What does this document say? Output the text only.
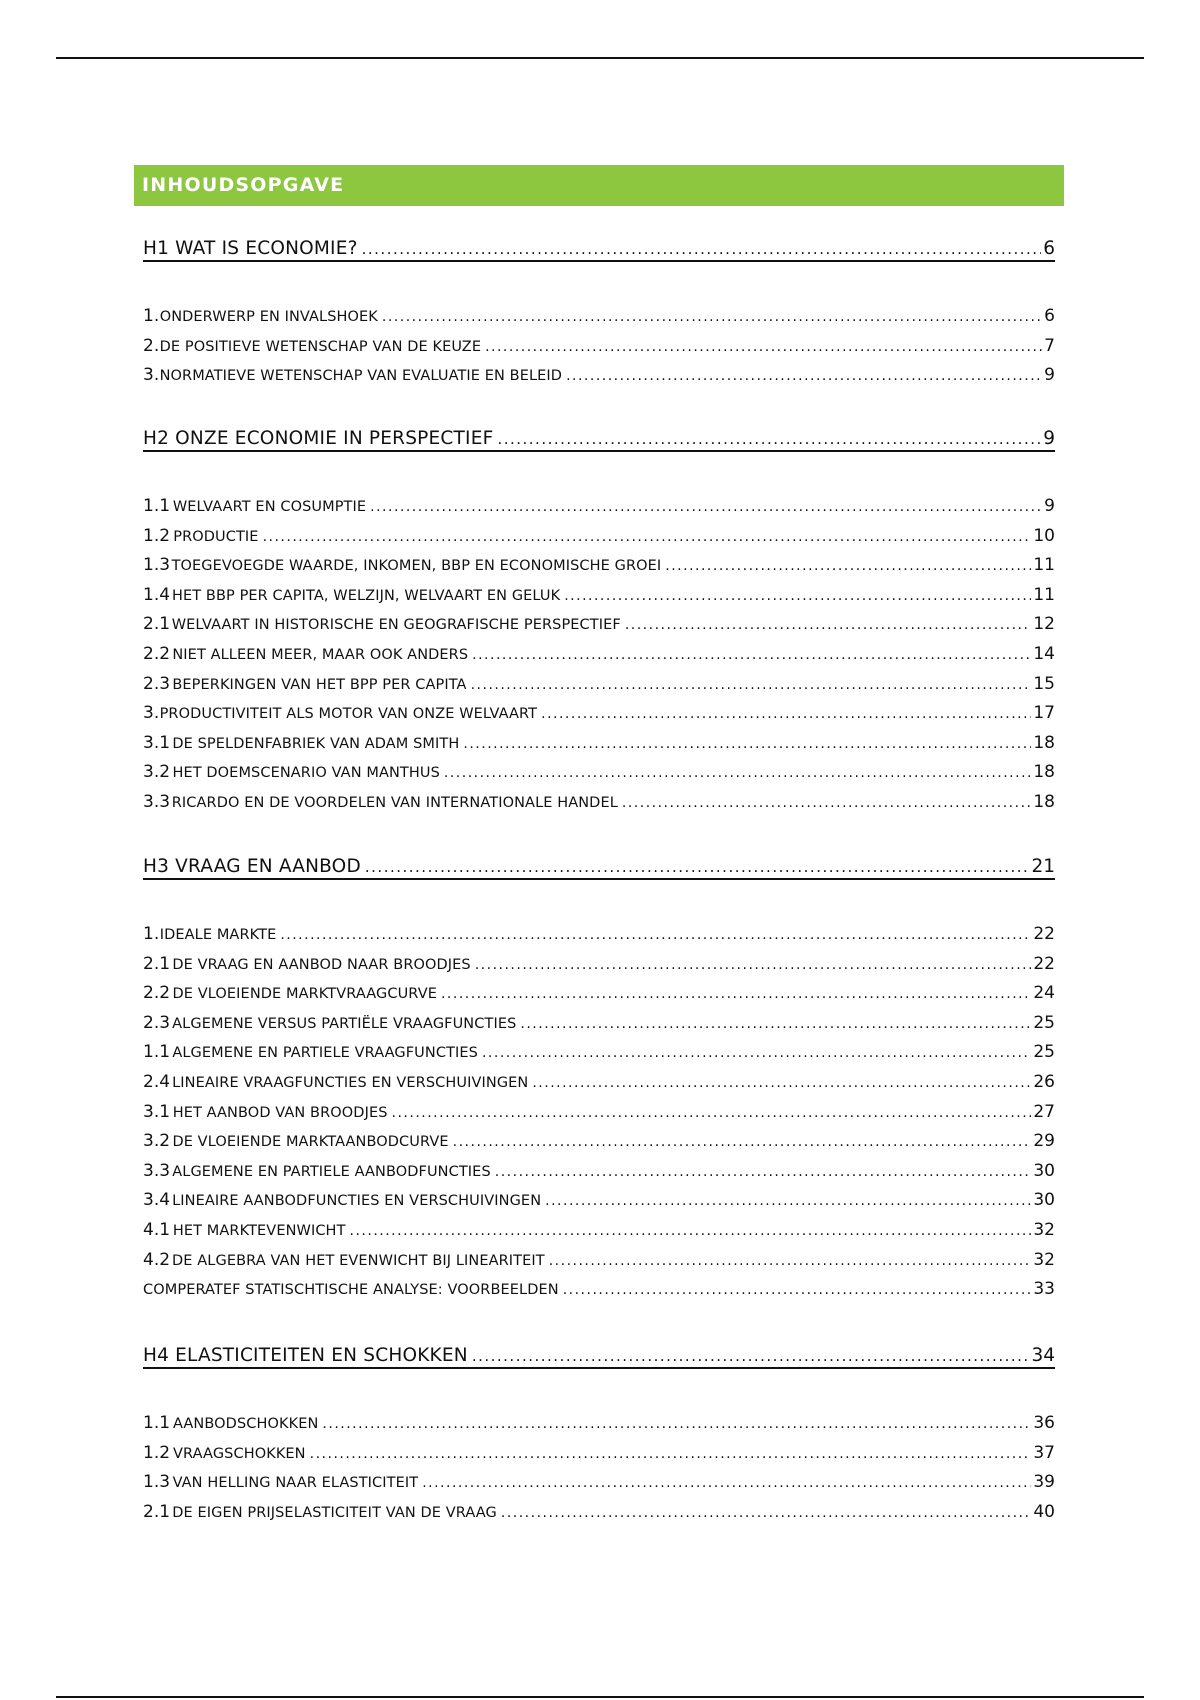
INHOUDSOPGAVE
H1 WAT IS ECONOMIE? .....	6
1. ONDERWERP EN INVALSHOEK .....	6
2. DE POSITIEVE WETENSCHAP VAN DE KEUZE .....	7
3. NORMATIEVE WETENSCHAP VAN EVALUATIE EN BELEID .....	9
H2 ONZE ECONOMIE IN PERSPECTIEF .....	9
1.1 WELVAART EN COSUMPTIE .....	9
1.2 PRODUCTIE .....	10
1.3 TOEGEVOEGDE WAARDE, INKOMEN, BBP EN ECONOMISCHE GROEI .....	11
1.4 HET BBP PER CAPITA, WELZIJN, WELVAART EN GELUK .....	11
2.1 WELVAART IN HISTORISCHE EN GEOGRAFISCHE PERSPECTIEF .....	12
2.2 NIET ALLEEN MEER, MAAR OOK ANDERS .....	14
2.3 BEPERKINGEN VAN HET BPP PER CAPITA .....	15
3. PRODUCTIVITEIT ALS MOTOR VAN ONZE WELVAART .....	17
3.1 DE SPELDENFABRIEK VAN ADAM SMITH .....	18
3.2 HET DOEMSCENARIO VAN MANTHUS .....	18
3.3 RICARDO EN DE VOORDELEN VAN INTERNATIONALE HANDEL .....	18
H3 VRAAG EN AANBOD .....	21
1. IDEALE MARKTE .....	22
2.1 DE VRAAG EN AANBOD NAAR BROODJES .....	22
2.2 DE VLOEIENDE MARKTVRAAGCURVE .....	24
2.3 ALGEMENE VERSUS PARTIËLE VRAAGFUNCTIES .....	25
1.1 ALGEMENE EN PARTIELE VRAAGFUNCTIES .....	25
2.4 LINEAIRE VRAAGFUNCTIES EN VERSCHUIVINGEN .....	26
3.1 HET AANBOD VAN BROODJES .....	27
3.2 DE VLOEIENDE MARKTAANBODCURVE .....	29
3.3 ALGEMENE EN PARTIELE AANBODFUNCTIES .....	30
3.4 LINEAIRE AANBODFUNCTIES EN VERSCHUIVINGEN .....	30
4.1 HET MARKTEVENWICHT .....	32
4.2 DE ALGEBRA VAN HET EVENWICHT BIJ LINEARITEIT .....	32
COMPERATEF STATISCHTISCHE ANALYSE: VOORBEELDEN .....	33
H4 ELASTICITEITEN EN SCHOKKEN .....	34
1.1 AANBODSCHOKKEN .....	36
1.2 VRAAGSCHOKKEN .....	37
1.3 VAN HELLING NAAR ELASTICITEIT .....	39
2.1 DE EIGEN PRIJSELASTICITEIT VAN DE VRAAG .....	40
